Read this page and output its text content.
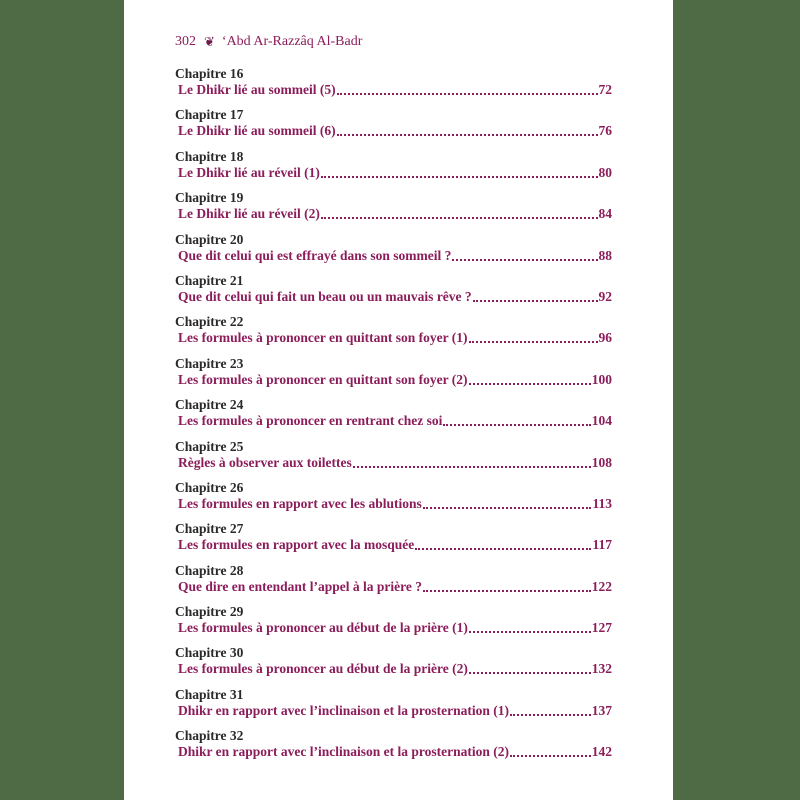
302 ❦ ‘Abd Ar-Razzâq Al-Badr
Chapitre 16
Le Dhikr lié au sommeil (5)	72
Chapitre 17
Le Dhikr lié au sommeil (6)	76
Chapitre 18
Le Dhikr lié au réveil (1)	80
Chapitre 19
Le Dhikr lié au réveil (2)	84
Chapitre 20
Que dit celui qui est effrayé dans son sommeil ?	88
Chapitre 21
Que dit celui qui fait un beau ou un mauvais rêve ?	92
Chapitre 22
Les formules à prononcer en quittant son foyer (1)	96
Chapitre 23
Les formules à prononcer en quittant son foyer (2)	100
Chapitre 24
Les formules à prononcer en rentrant chez soi	104
Chapitre 25
Règles à observer aux toilettes	108
Chapitre 26
Les formules en rapport avec les ablutions	113
Chapitre 27
Les formules en rapport avec la mosquée	117
Chapitre 28
Que dire en entendant l’appel à la prière ?	122
Chapitre 29
Les formules à prononcer au début de la prière (1)	127
Chapitre 30
Les formules à prononcer au début de la prière (2)	132
Chapitre 31
Dhikr en rapport avec l’inclinaison et la prosternation (1)	137
Chapitre 32
Dhikr en rapport avec l’inclinaison et la prosternation (2)	142
